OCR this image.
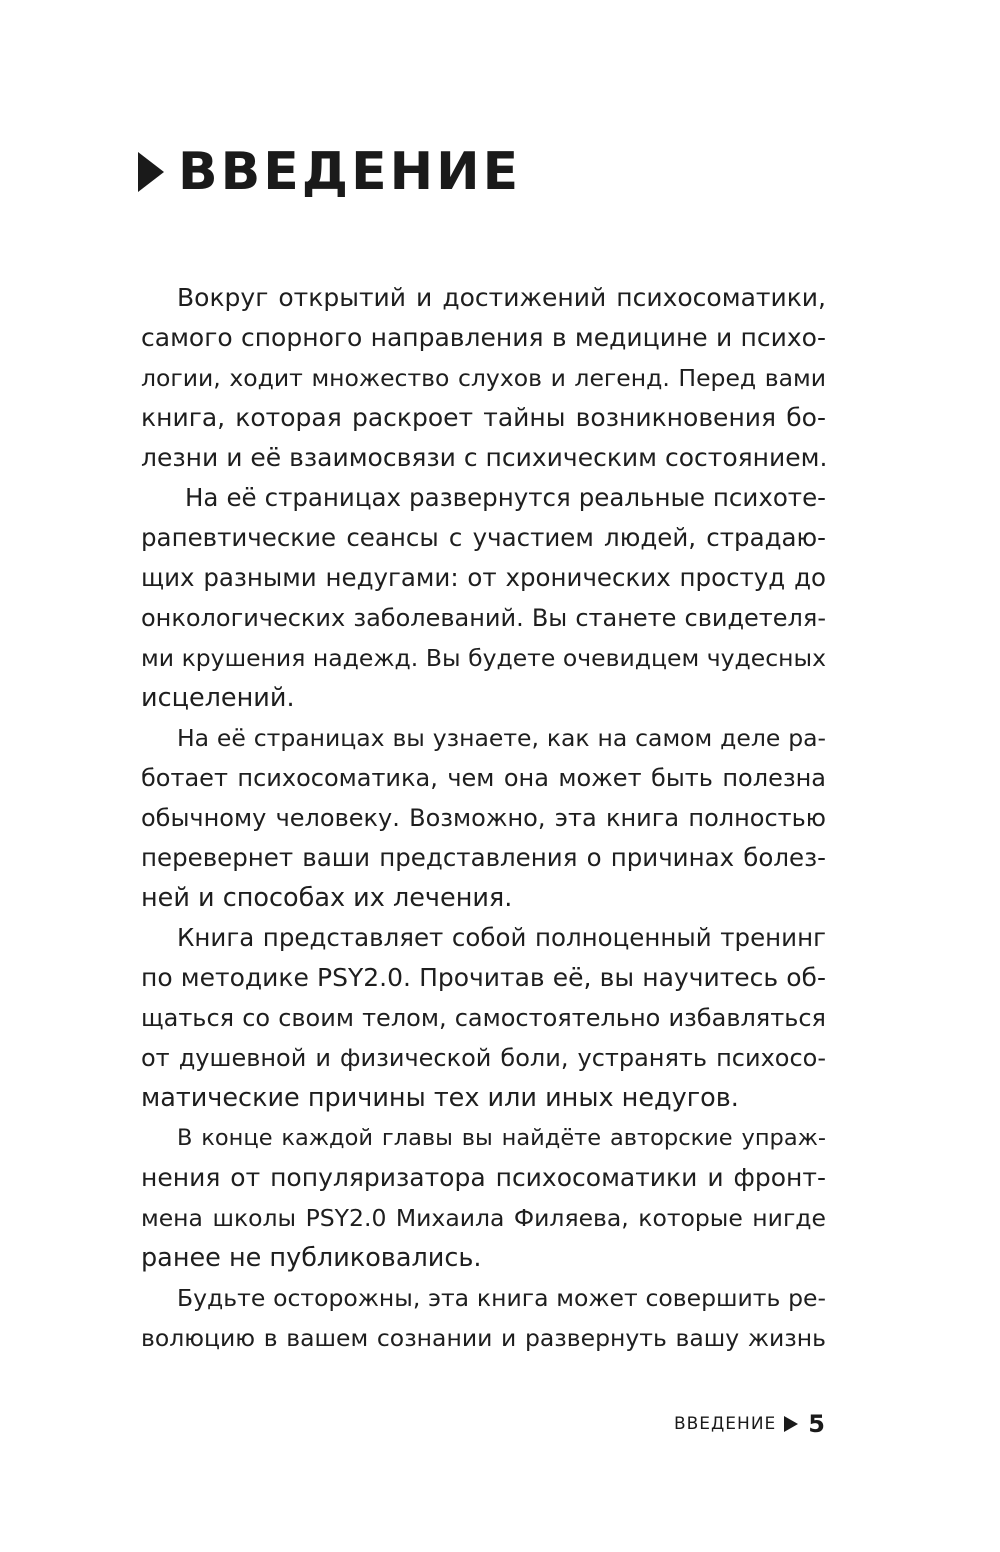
ВВЕДЕНИЕ
Вокруг открытий и достижений психосоматики,
самого спорного направления в медицине и психо-
логии, ходит множество слухов и легенд. Перед вами
книга, которая раскроет тайны возникновения бо-
лезни и её взаимосвязи с психическим состоянием.
На её страницах развернутся реальные психоте-
рапевтические сеансы с участием людей, страдаю-
щих разными недугами: от хронических простуд до
онкологических заболеваний. Вы станете свидетеля-
ми крушения надежд. Вы будете очевидцем чудесных
исцелений.
На её страницах вы узнаете, как на самом деле ра-
ботает психосоматика, чем она может быть полезна
обычному человеку. Возможно, эта книга полностью
перевернет ваши представления о причинах болез-
ней и способах их лечения.
Книга представляет собой полноценный тренинг
по методике PSY2.0. Прочитав её, вы научитесь об-
щаться со своим телом, самостоятельно избавляться
от душевной и физической боли, устранять психосо-
матические причины тех или иных недугов.
В конце каждой главы вы найдёте авторские упраж-
нения от популяризатора психосоматики и фронт-
мена школы PSY2.0 Михаила Филяева, которые нигде
ранее не публиковались.
Будьте осторожны, эта книга может совершить ре-
волюцию в вашем сознании и развернуть вашу жизнь
ВВЕДЕНИЕ 5
